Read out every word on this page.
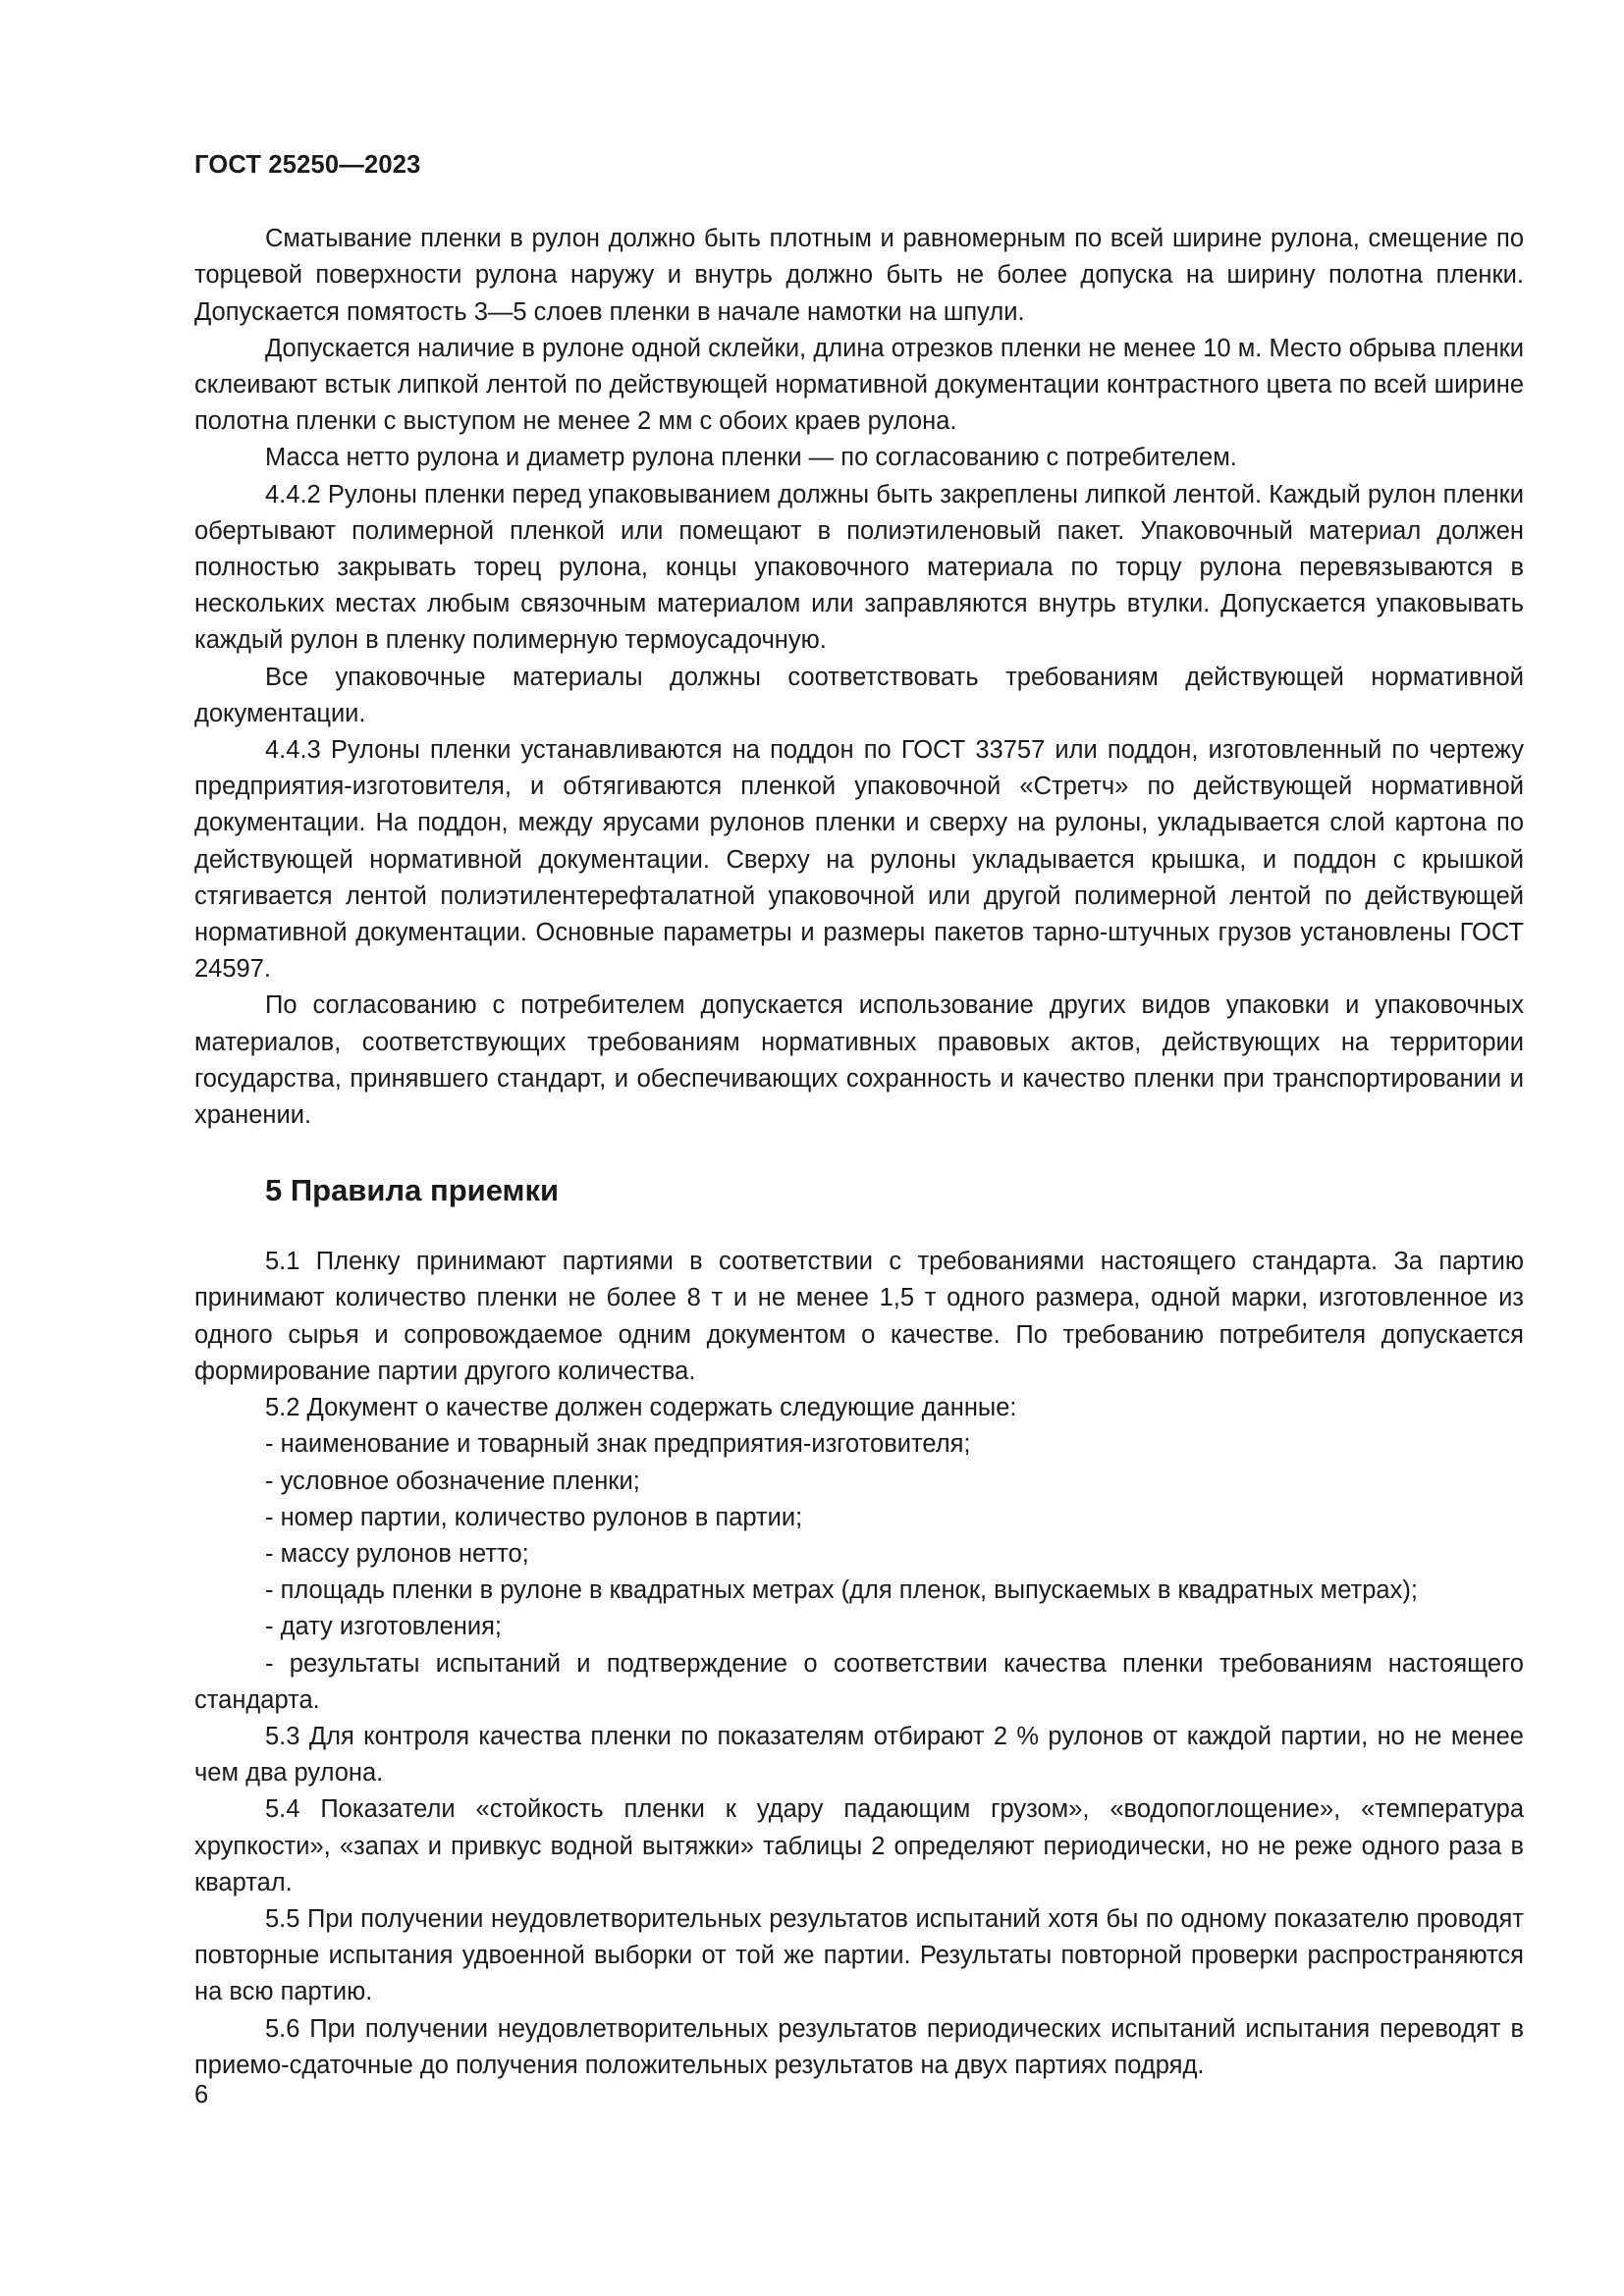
ГОСТ 25250—2023

Сматывание пленки в рулон должно быть плотным и равномерным по всей ширине рулона, смещение по торцевой поверхности рулона наружу и внутрь должно быть не более допуска на ширину полотна пленки. Допускается помятость 3—5 слоев пленки в начале намотки на шпули.

Допускается наличие в рулоне одной склейки, длина отрезков пленки не менее 10 м. Место обрыва пленки склеивают встык липкой лентой по действующей нормативной документации контрастного цвета по всей ширине полотна пленки с выступом не менее 2 мм с обоих краев рулона.

Масса нетто рулона и диаметр рулона пленки — по согласованию с потребителем.

4.4.2 Рулоны пленки перед упаковыванием должны быть закреплены липкой лентой. Каждый рулон пленки обертывают полимерной пленкой или помещают в полиэтиленовый пакет. Упаковочный материал должен полностью закрывать торец рулона, концы упаковочного материала по торцу рулона перевязываются в нескольких местах любым связочным материалом или заправляются внутрь втулки. Допускается упаковывать каждый рулон в пленку полимерную термоусадочную.

Все упаковочные материалы должны соответствовать требованиям действующей нормативной документации.

4.4.3 Рулоны пленки устанавливаются на поддон по ГОСТ 33757 или поддон, изготовленный по чертежу предприятия-изготовителя, и обтягиваются пленкой упаковочной «Стретч» по действующей нормативной документации. На поддон, между ярусами рулонов пленки и сверху на рулоны, укладывается слой картона по действующей нормативной документации. Сверху на рулоны укладывается крышка, и поддон с крышкой стягивается лентой полиэтилентерефталатной упаковочной или другой полимерной лентой по действующей нормативной документации. Основные параметры и размеры пакетов тарно-штучных грузов установлены ГОСТ 24597.

По согласованию с потребителем допускается использование других видов упаковки и упаковочных материалов, соответствующих требованиям нормативных правовых актов, действующих на территории государства, принявшего стандарт, и обеспечивающих сохранность и качество пленки при транспортировании и хранении.

5 Правила приемки

5.1 Пленку принимают партиями в соответствии с требованиями настоящего стандарта. За партию принимают количество пленки не более 8 т и не менее 1,5 т одного размера, одной марки, изготовленное из одного сырья и сопровождаемое одним документом о качестве. По требованию потребителя допускается формирование партии другого количества.

5.2 Документ о качестве должен содержать следующие данные:

- наименование и товарный знак предприятия-изготовителя;

- условное обозначение пленки;

- номер партии, количество рулонов в партии;

- массу рулонов нетто;

- площадь пленки в рулоне в квадратных метрах (для пленок, выпускаемых в квадратных метрах);

- дату изготовления;

- результаты испытаний и подтверждение о соответствии качества пленки требованиям настоящего стандарта.

5.3 Для контроля качества пленки по показателям отбирают 2 % рулонов от каждой партии, но не менее чем два рулона.

5.4 Показатели «стойкость пленки к удару падающим грузом», «водопоглощение», «температура хрупкости», «запах и привкус водной вытяжки» таблицы 2 определяют периодически, но не реже одного раза в квартал.

5.5 При получении неудовлетворительных результатов испытаний хотя бы по одному показателю проводят повторные испытания удвоенной выборки от той же партии. Результаты повторной проверки распространяются на всю партию.

5.6 При получении неудовлетворительных результатов периодических испытаний испытания переводят в приемо-сдаточные до получения положительных результатов на двух партиях подряд.

6
